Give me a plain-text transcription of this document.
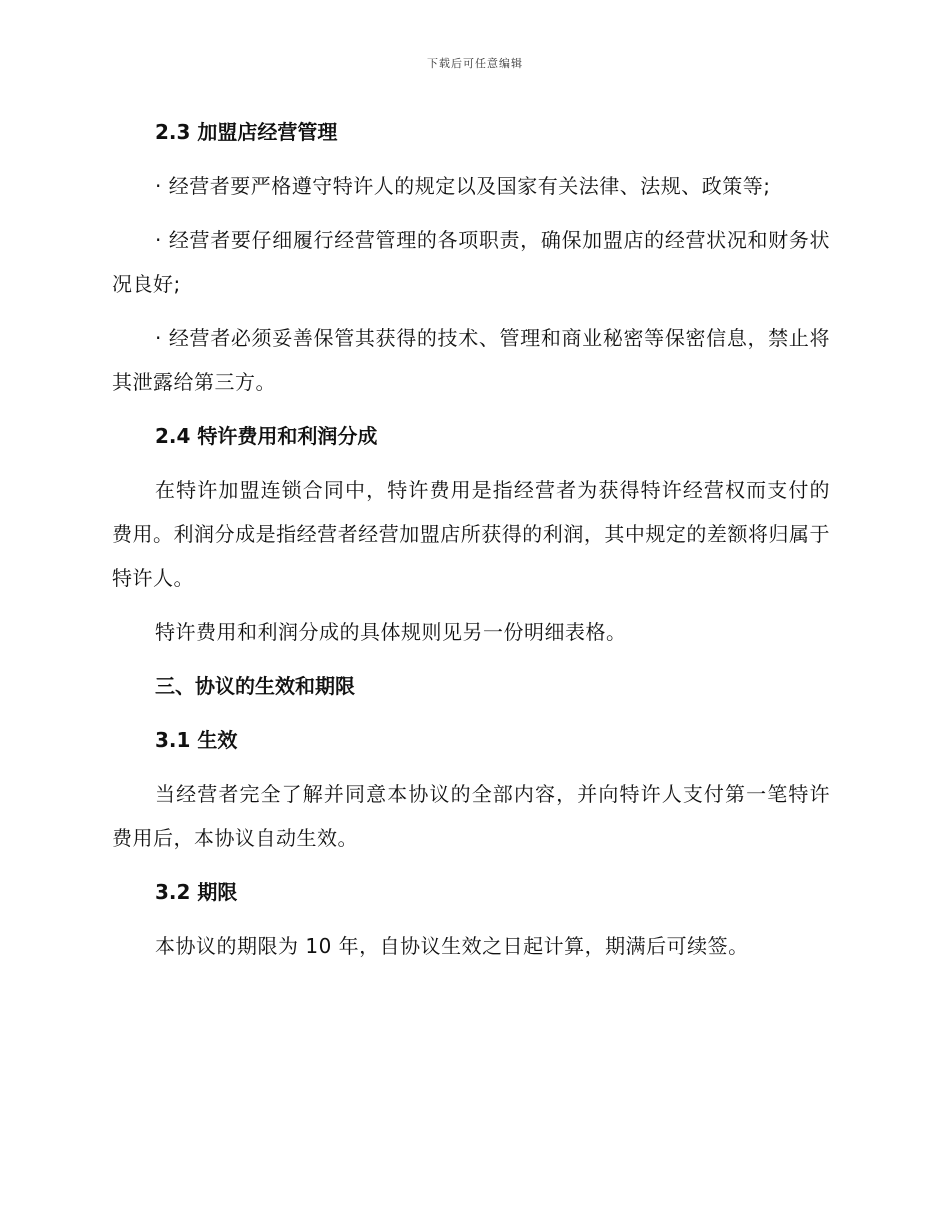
下载后可任意编辑
2.3 加盟店经营管理
· 经营者要严格遵守特许人的规定以及国家有关法律、法规、政策等;
· 经营者要仔细履行经营管理的各项职责，确保加盟店的经营状况和财务状况良好;
· 经营者必须妥善保管其获得的技术、管理和商业秘密等保密信息，禁止将其泄露给第三方。
2.4 特许费用和利润分成
在特许加盟连锁合同中，特许费用是指经营者为获得特许经营权而支付的费用。利润分成是指经营者经营加盟店所获得的利润，其中规定的差额将归属于特许人。
特许费用和利润分成的具体规则见另一份明细表格。
三、协议的生效和期限
3.1 生效
当经营者完全了解并同意本协议的全部内容，并向特许人支付第一笔特许费用后，本协议自动生效。
3.2 期限
本协议的期限为 10 年，自协议生效之日起计算，期满后可续签。
